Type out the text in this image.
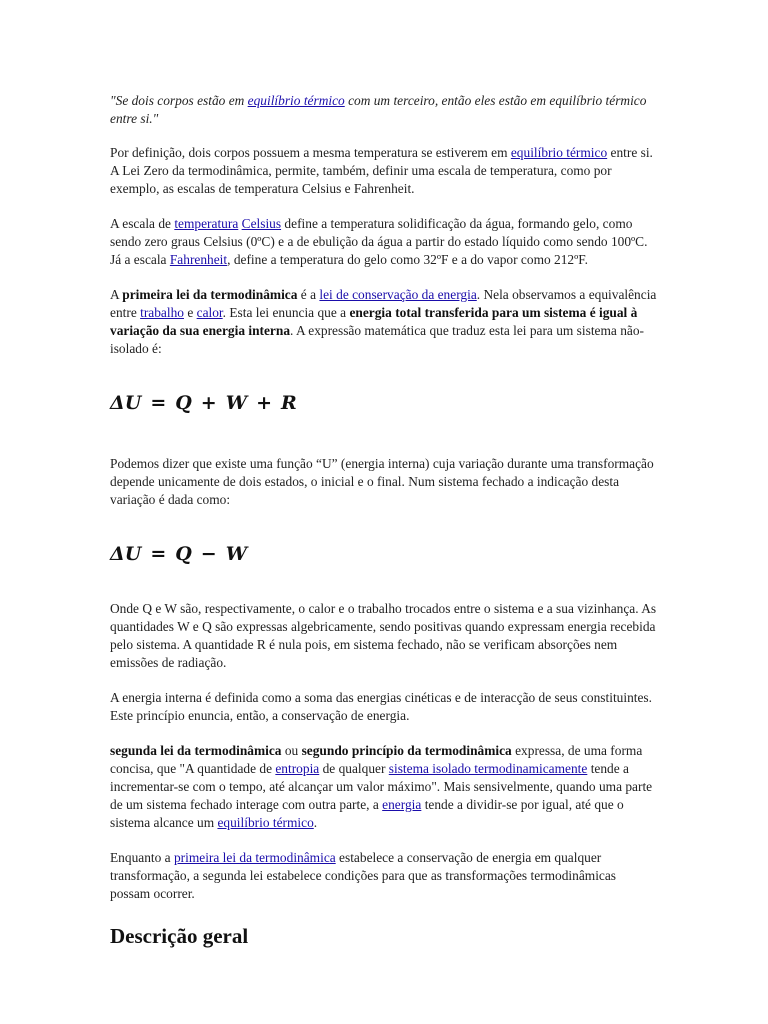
"Se dois corpos estão em equilíbrio térmico com um terceiro, então eles estão em equilíbrio térmico entre si."

Por definição, dois corpos possuem a mesma temperatura se estiverem em equilíbrio térmico entre si. A Lei Zero da termodinâmica, permite, também, definir uma escala de temperatura, como por exemplo, as escalas de temperatura Celsius e Fahrenheit.

A escala de temperatura Celsius define a temperatura solidificação da água, formando gelo, como sendo zero graus Celsius (0ºC) e a de ebulição da água a partir do estado líquido como sendo 100ºC. Já a escala Fahrenheit, define a temperatura do gelo como 32ºF e a do vapor como 212ºF.

A primeira lei da termodinâmica é a lei de conservação da energia. Nela observamos a equivalência entre trabalho e calor. Esta lei enuncia que a energia total transferida para um sistema é igual à variação da sua energia interna. A expressão matemática que traduz esta lei para um sistema não-isolado é:

ΔU = Q + W + R

Podemos dizer que existe uma função “U” (energia interna) cuja variação durante uma transformação depende unicamente de dois estados, o inicial e o final. Num sistema fechado a indicação desta variação é dada como:

ΔU = Q − W

Onde Q e W são, respectivamente, o calor e o trabalho trocados entre o sistema e a sua vizinhança. As quantidades W e Q são expressas algebricamente, sendo positivas quando expressam energia recebida pelo sistema. A quantidade R é nula pois, em sistema fechado, não se verificam absorções nem emissões de radiação.

A energia interna é definida como a soma das energias cinéticas e de interacção de seus constituintes. Este princípio enuncia, então, a conservação de energia.

segunda lei da termodinâmica ou segundo princípio da termodinâmica expressa, de uma forma concisa, que "A quantidade de entropia de qualquer sistema isolado termodinamicamente tende a incrementar-se com o tempo, até alcançar um valor máximo". Mais sensivelmente, quando uma parte de um sistema fechado interage com outra parte, a energia tende a dividir-se por igual, até que o sistema alcance um equilíbrio térmico.

Enquanto a primeira lei da termodinâmica estabelece a conservação de energia em qualquer transformação, a segunda lei estabelece condições para que as transformações termodinâmicas possam ocorrer.

Descrição geral
